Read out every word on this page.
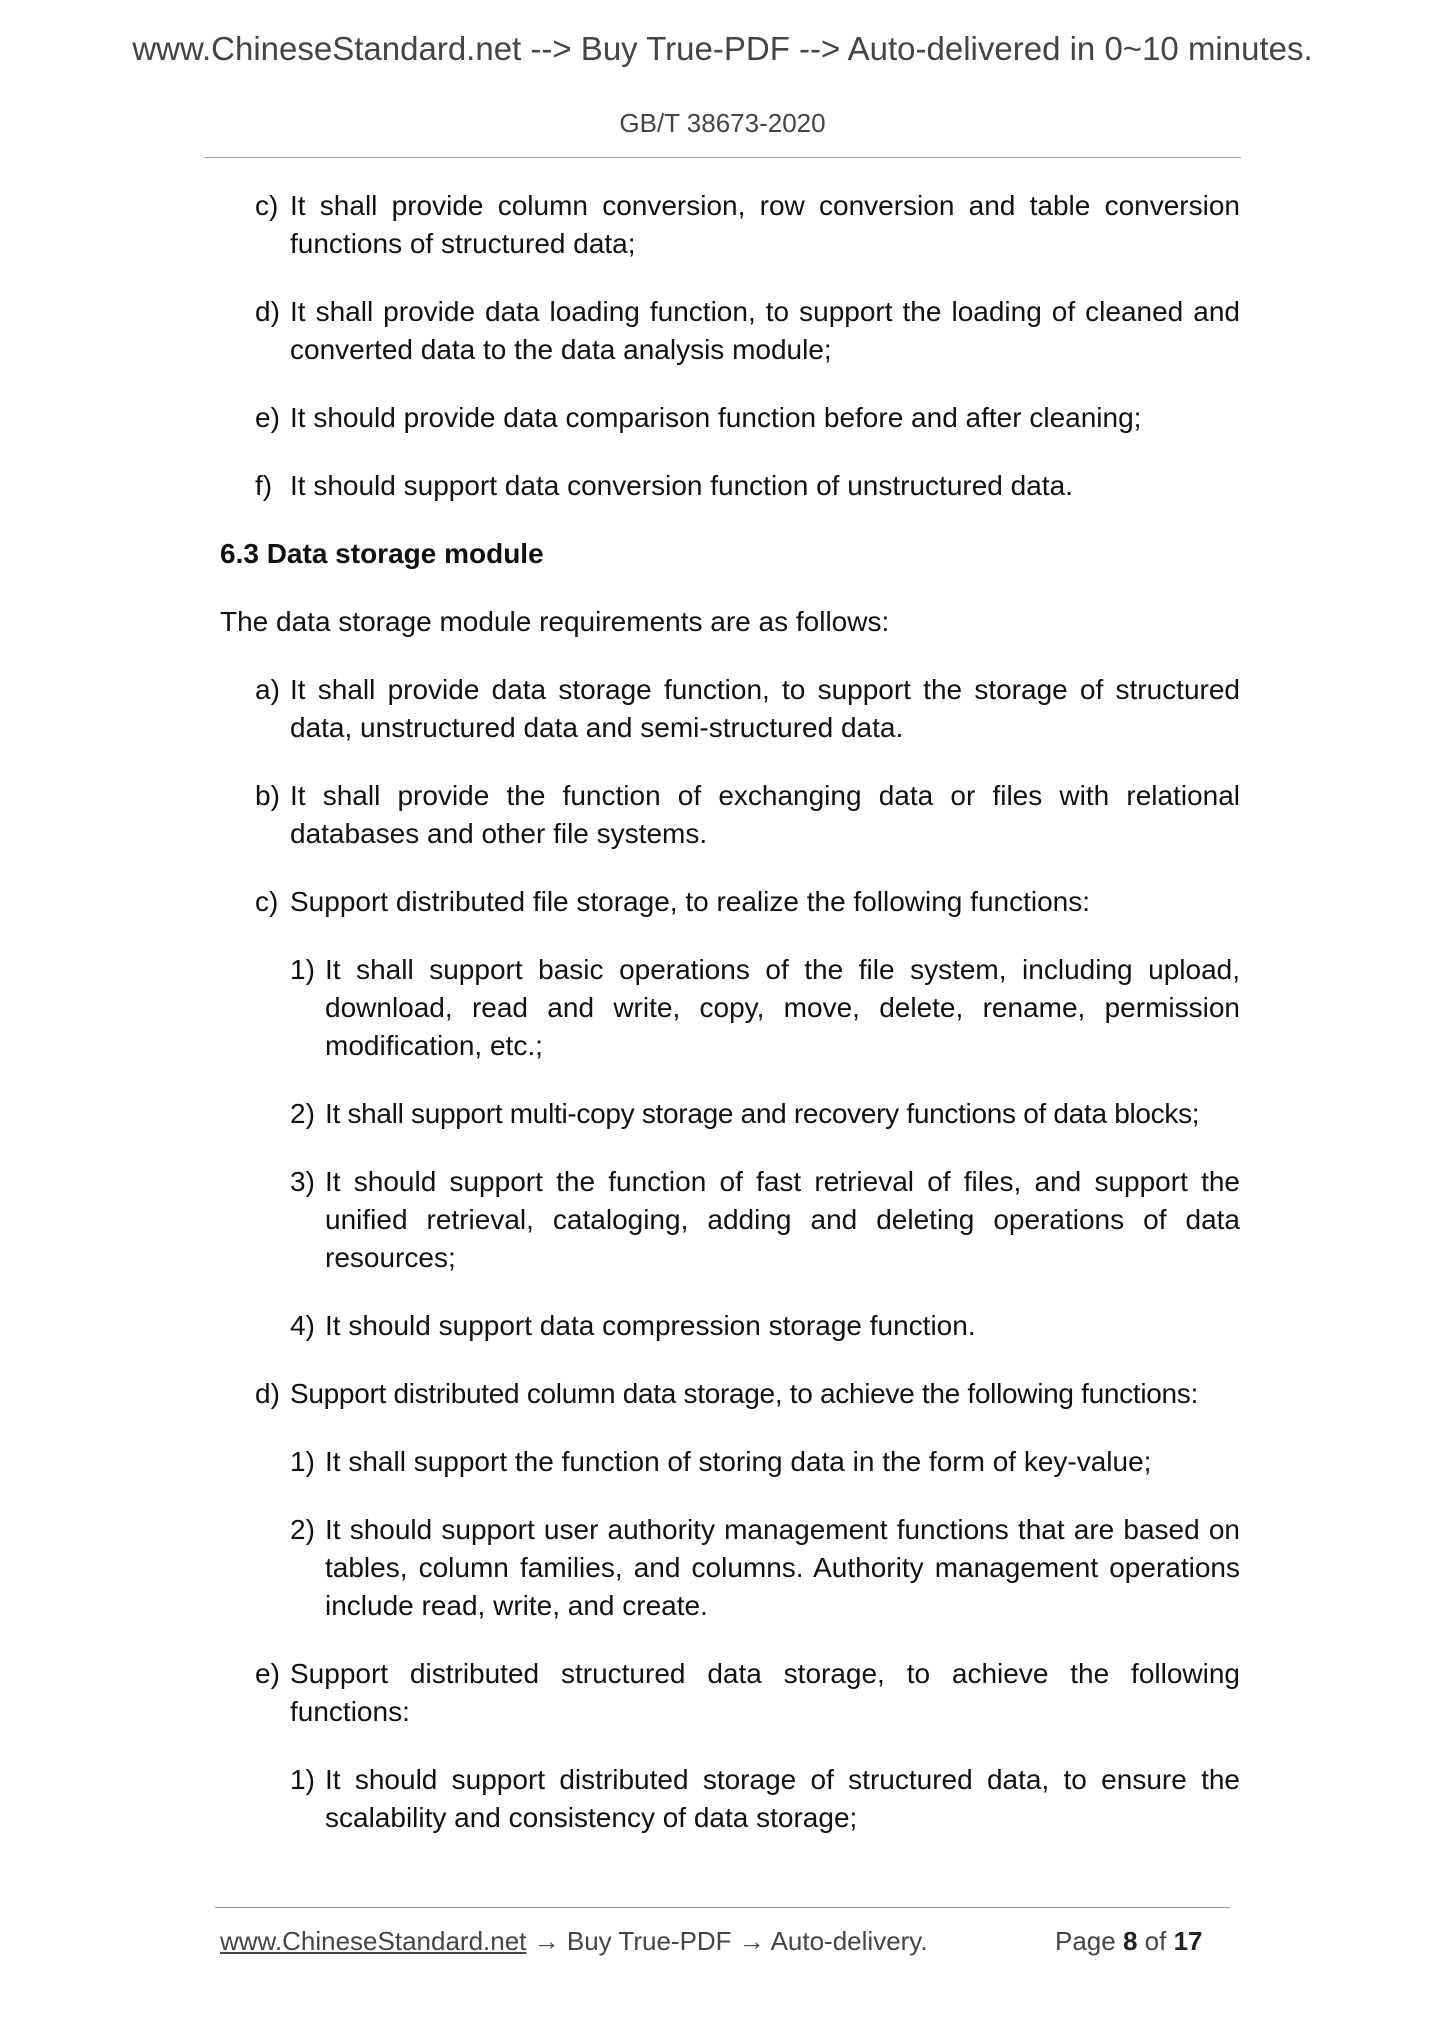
www.ChineseStandard.net --> Buy True-PDF --> Auto-delivered in 0~10 minutes.
GB/T 38673-2020
c) It shall provide column conversion, row conversion and table conversion functions of structured data;
d) It shall provide data loading function, to support the loading of cleaned and converted data to the data analysis module;
e) It should provide data comparison function before and after cleaning;
f) It should support data conversion function of unstructured data.

6.3 Data storage module

The data storage module requirements are as follows:

a) It shall provide data storage function, to support the storage of structured data, unstructured data and semi-structured data.
b) It shall provide the function of exchanging data or files with relational databases and other file systems.
c) Support distributed file storage, to realize the following functions:
1) It shall support basic operations of the file system, including upload, download, read and write, copy, move, delete, rename, permission modification, etc.;
2) It shall support multi-copy storage and recovery functions of data blocks;
3) It should support the function of fast retrieval of files, and support the unified retrieval, cataloging, adding and deleting operations of data resources;
4) It should support data compression storage function.
d) Support distributed column data storage, to achieve the following functions:
1) It shall support the function of storing data in the form of key-value;
2) It should support user authority management functions that are based on tables, column families, and columns. Authority management operations include read, write, and create.
e) Support distributed structured data storage, to achieve the following functions:
1) It should support distributed storage of structured data, to ensure the scalability and consistency of data storage;
www.ChineseStandard.net → Buy True-PDF → Auto-delivery.	Page 8 of 17
